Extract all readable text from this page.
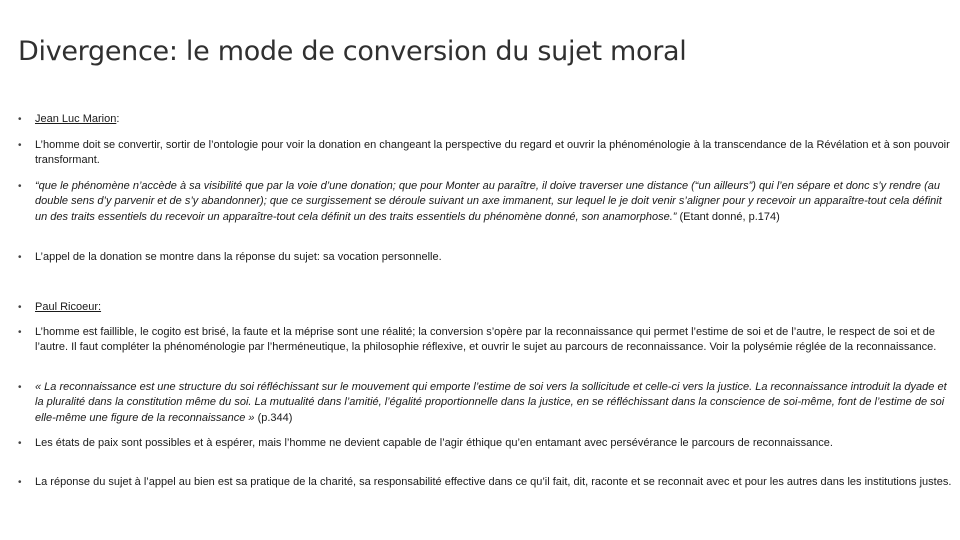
Divergence: le mode de conversion du sujet moral
• Jean Luc Marion:
• L’homme doit se convertir, sortir de l’ontologie pour voir la donation en changeant la perspective du regard et ouvrir la phénoménologie à la transcendance de la Révélation et à son pouvoir transformant.
• “que le phénomène n’accède à sa visibilité que par la voie d’une donation; que pour Monter au paraître, il doive traverser une distance (“un ailleurs”) qui l’en sépare et donc s’y rendre (au double sens d’y parvenir et de s’y abandonner); que ce surgissement se déroule suivant un axe immanent, sur lequel le je doit venir s’aligner pour y recevoir un apparaître-tout cela définit un des traits essentiels du recevoir un apparaître-tout cela définit un des traits essentiels du phénomène donné, son anamorphose.” (Etant donné, p.174)
• L’appel de la donation se montre dans la réponse du sujet: sa vocation personnelle.
• Paul Ricoeur:
• L’homme est faillible, le cogito est brisé, la faute et la méprise sont une réalité; la conversion s’opère par la reconnaissance qui permet l’estime de soi et de l’autre, le respect de soi et de l’autre. Il faut compléter la phénoménologie par l’herméneutique, la philosophie réflexive, et ouvrir le sujet au parcours de reconnaissance. Voir la polysémie réglée de la reconnaissance.
• « La reconnaissance est une structure du soi réfléchissant sur le mouvement qui emporte l’estime de soi vers la sollicitude et celle-ci vers la justice. La reconnaissance introduit la dyade et la pluralité dans la constitution même du soi. La mutualité dans l’amitié, l’égalité proportionnelle dans la justice, en se réfléchissant dans la conscience de soi-même, font de l’estime de soi elle-même une figure de la reconnaissance » (p.344)
• Les états de paix sont possibles et à espérer, mais l’homme ne devient capable de l’agir éthique qu’en entamant avec persévérance le parcours de reconnaissance.
• La réponse du sujet à l’appel au bien est sa pratique de la charité, sa responsabilité effective dans ce qu’il fait, dit, raconte et se reconnait avec et pour les autres dans les institutions justes.
